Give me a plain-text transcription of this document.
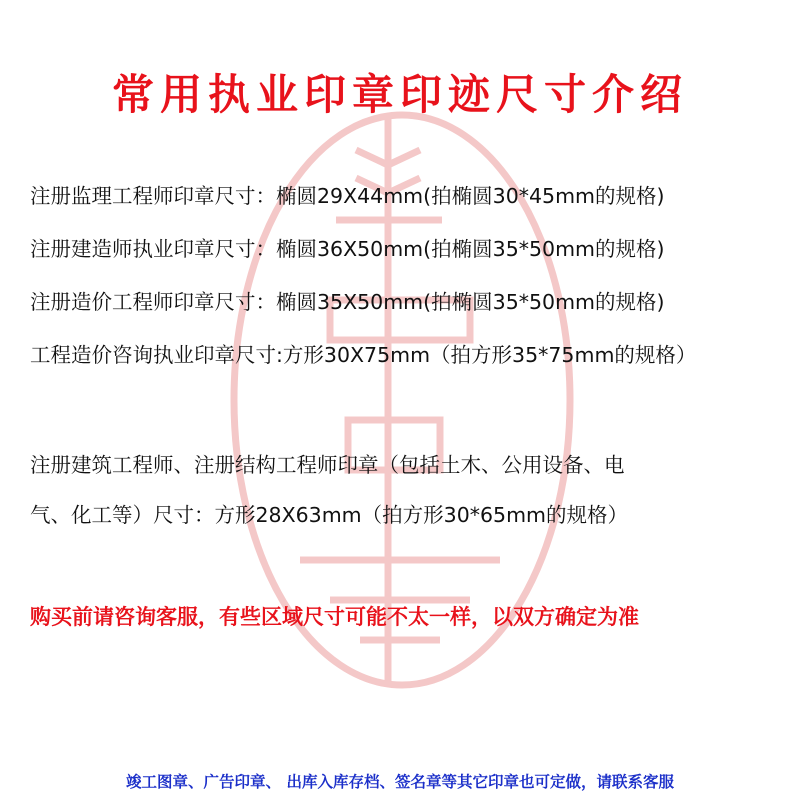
常用执业印章印迹尺寸介绍
注册监理工程师印章尺寸：椭圆29X44mm(拍椭圆30*45mm的规格)
注册建造师执业印章尺寸：椭圆36X50mm(拍椭圆35*50mm的规格)
注册造价工程师印章尺寸：椭圆35X50mm(拍椭圆35*50mm的规格)
工程造价咨询执业印章尺寸:方形30X75mm（拍方形35*75mm的规格）
注册建筑工程师、注册结构工程师印章（包括土木、公用设备、电
气、化工等）尺寸：方形28X63mm（拍方形30*65mm的规格）
购买前请咨询客服，有些区域尺寸可能不太一样，以双方确定为准
竣工图章、广告印章、 出库入库存档、签名章等其它印章也可定做，请联系客服
